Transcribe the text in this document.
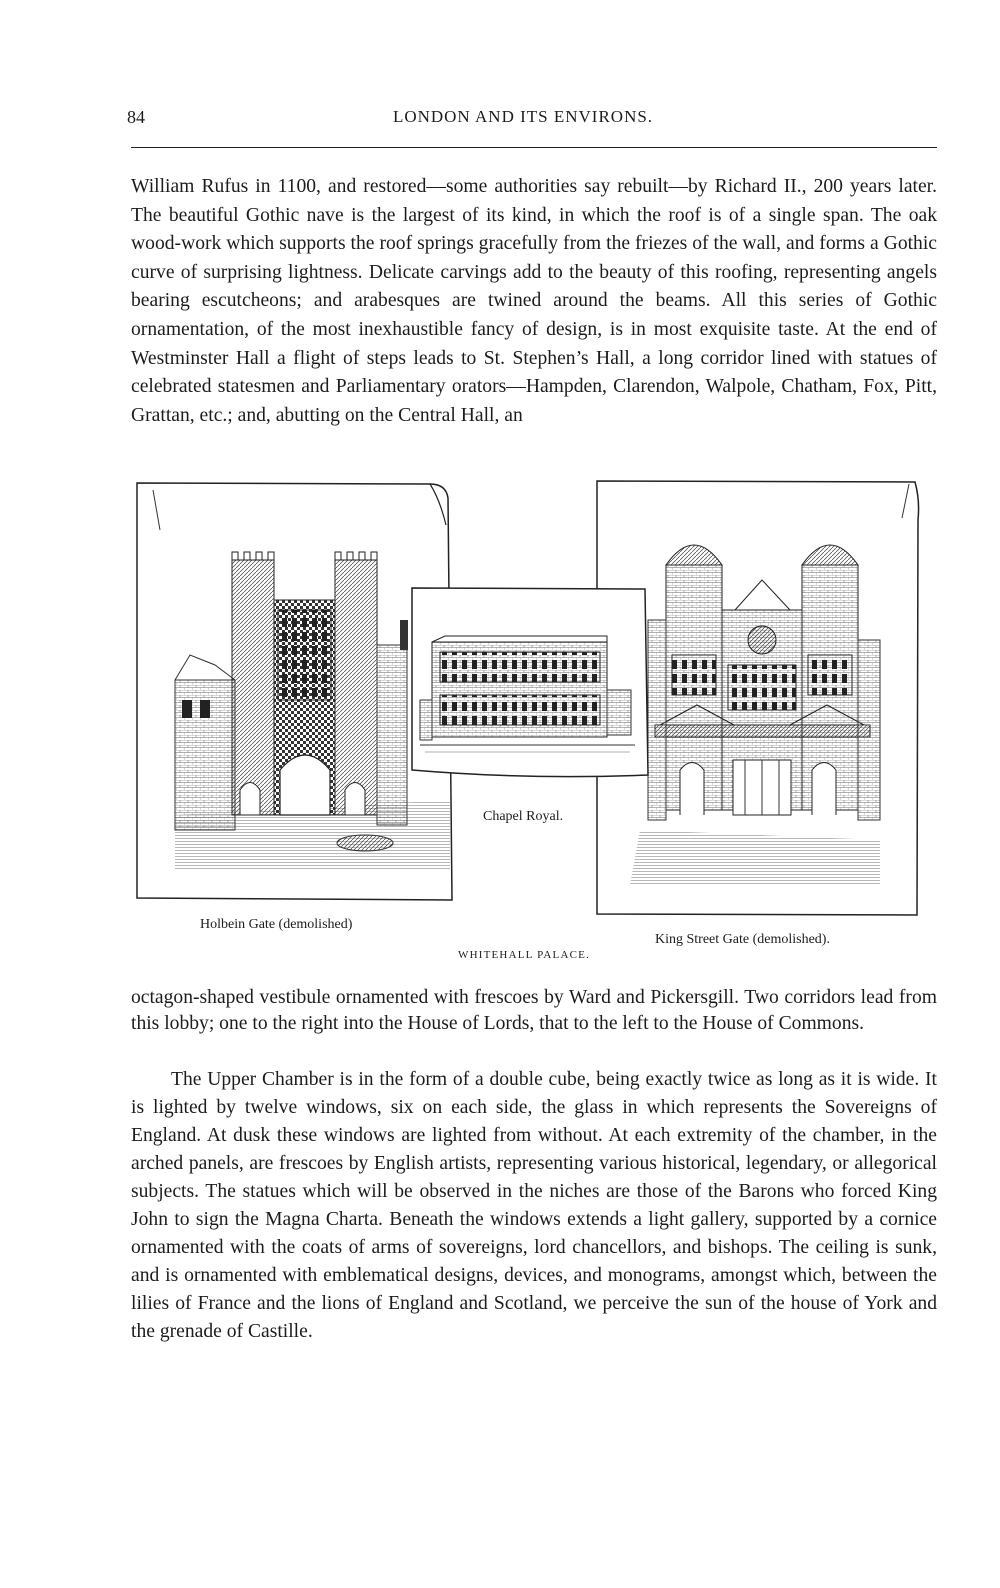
84	LONDON AND ITS ENVIRONS.

William Rufus in 1100, and restored—some authorities say rebuilt—by Richard II., 200 years later. The beautiful Gothic nave is the largest of its kind, in which the roof is of a single span. The oak wood-work which supports the roof springs gracefully from the friezes of the wall, and forms a Gothic curve of surprising lightness. Delicate carvings add to the beauty of this roofing, representing angels bearing escutcheons; and arabesques are twined around the beams. All this series of Gothic ornamentation, of the most inexhaustible fancy of design, is in most exquisite taste. At the end of Westminster Hall a flight of steps leads to St. Stephen’s Hall, a long corridor lined with statues of celebrated statesmen and Parliamentary orators—Hampden, Clarendon, Walpole, Chatham, Fox, Pitt, Grattan, etc.; and, abutting on the Central Hall, an

Holbein Gate (demolished)
Chapel Royal.
King Street Gate (demolished).
WHITEHALL PALACE.

octagon-shaped vestibule ornamented with frescoes by Ward and Pickersgill. Two corridors lead from this lobby; one to the right into the House of Lords, that to the left to the House of Commons.

The Upper Chamber is in the form of a double cube, being exactly twice as long as it is wide. It is lighted by twelve windows, six on each side, the glass in which represents the Sovereigns of England. At dusk these windows are lighted from without. At each extremity of the chamber, in the arched panels, are frescoes by English artists, representing various historical, legendary, or allegorical subjects. The statues which will be observed in the niches are those of the Barons who forced King John to sign the Magna Charta. Beneath the windows extends a light gallery, supported by a cornice ornamented with the coats of arms of sovereigns, lord chancellors, and bishops. The ceiling is sunk, and is ornamented with emblematical designs, devices, and monograms, amongst which, between the lilies of France and the lions of England and Scotland, we perceive the sun of the house of York and the grenade of Castille.
